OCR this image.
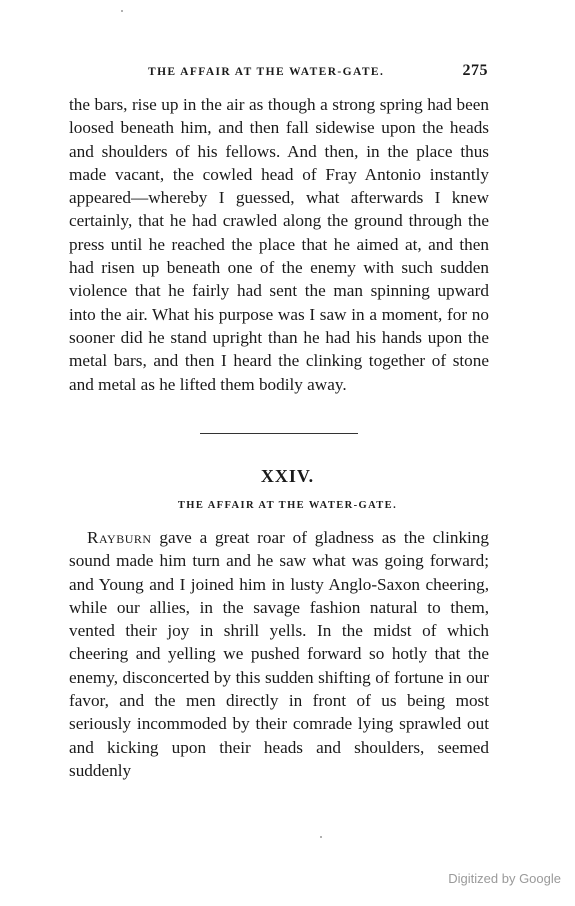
THE AFFAIR AT THE WATER-GATE.	275

the bars, rise up in the air as though a strong spring had been loosed beneath him, and then fall sidewise upon the heads and shoulders of his fellows. And then, in the place thus made vacant, the cowled head of Fray Antonio instantly appeared—whereby I guessed, what afterwards I knew certainly, that he had crawled along the ground through the press until he reached the place that he aimed at, and then had risen up beneath one of the enemy with such sudden violence that he fairly had sent the man spinning upward into the air. What his purpose was I saw in a moment, for no sooner did he stand upright than he had his hands upon the metal bars, and then I heard the clinking together of stone and metal as he lifted them bodily away.

XXIV.
THE AFFAIR AT THE WATER-GATE.

Rayburn gave a great roar of gladness as the clinking sound made him turn and he saw what was going forward; and Young and I joined him in lusty Anglo-Saxon cheering, while our allies, in the savage fashion natural to them, vented their joy in shrill yells. In the midst of which cheering and yelling we pushed forward so hotly that the enemy, disconcerted by this sudden shifting of fortune in our favor, and the men directly in front of us being most seriously incommoded by their comrade lying sprawled out and kicking upon their heads and shoulders, seemed suddenly

Digitized by Google
